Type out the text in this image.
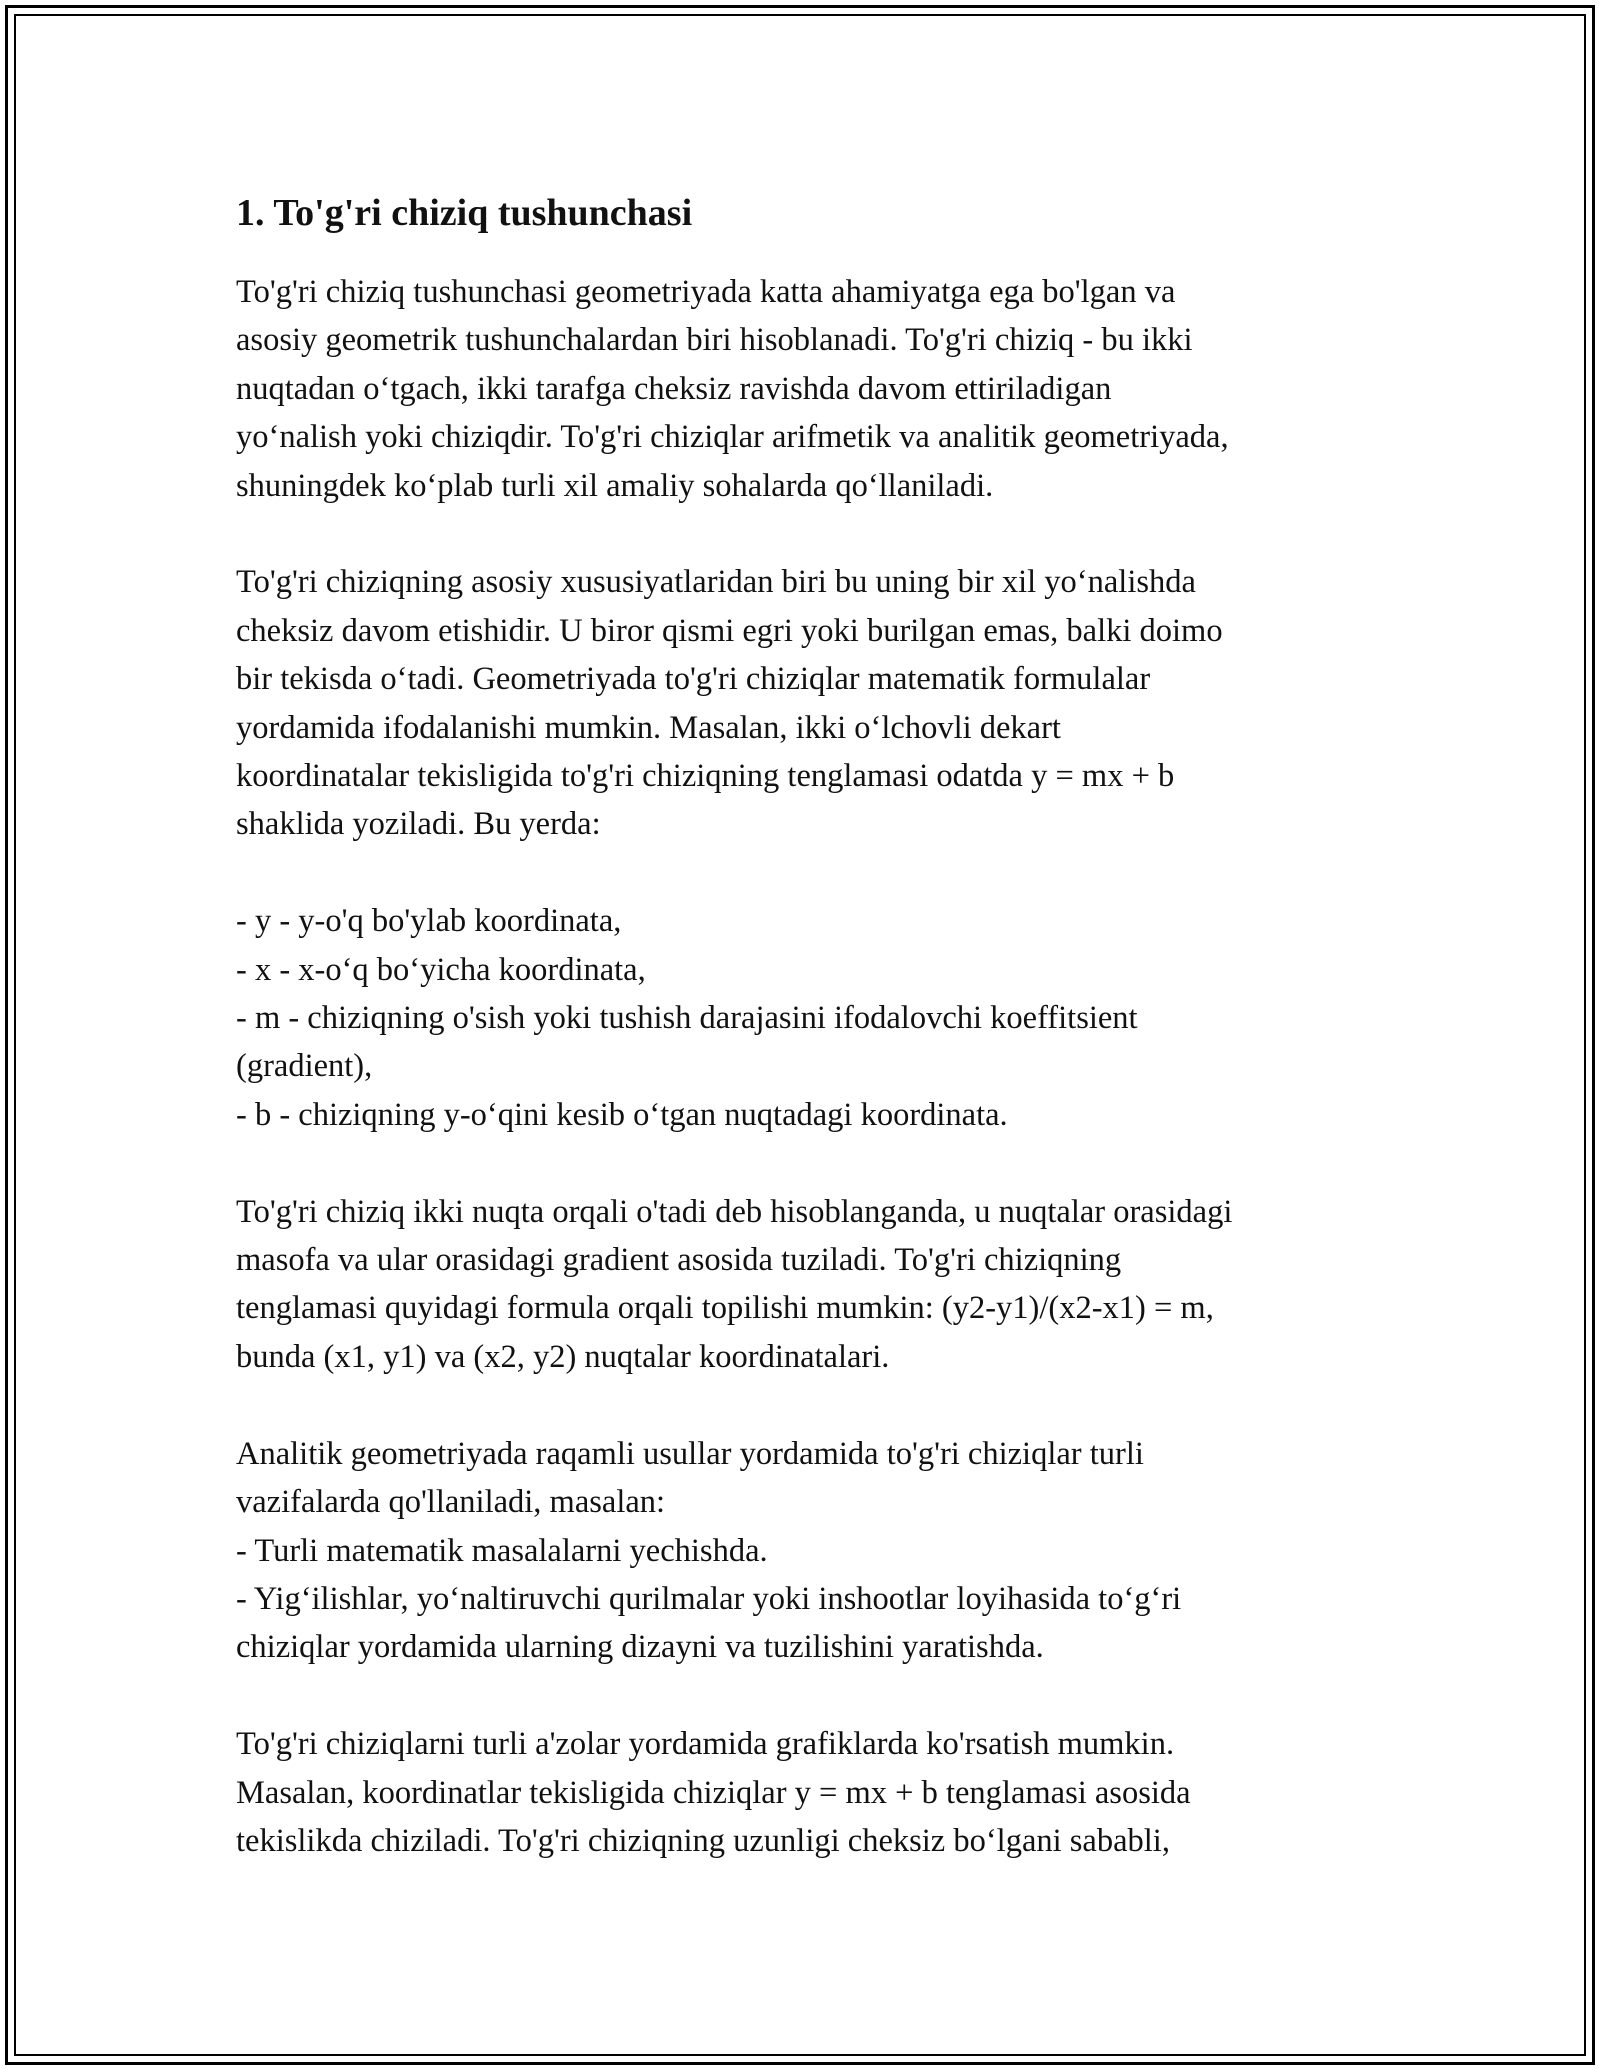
1. To'g'ri chiziq tushunchasi

To'g'ri chiziq tushunchasi geometriyada katta ahamiyatga ega bo'lgan va

asosiy geometrik tushunchalardan biri hisoblanadi. To'g'ri chiziq - bu ikki

nuqtadan o‘tgach, ikki tarafga cheksiz ravishda davom ettiriladigan

yo‘nalish yoki chiziqdir. To'g'ri chiziqlar arifmetik va analitik geometriyada,

shuningdek ko‘plab turli xil amaliy sohalarda qo‘llaniladi.

To'g'ri chiziqning asosiy xususiyatlaridan biri bu uning bir xil yo‘nalishda

cheksiz davom etishidir. U biror qismi egri yoki burilgan emas, balki doimo

bir tekisda o‘tadi. Geometriyada to'g'ri chiziqlar matematik formulalar

yordamida ifodalanishi mumkin. Masalan, ikki o‘lchovli dekart

koordinatalar tekisligida to'g'ri chiziqning tenglamasi odatda y = mx + b

shaklida yoziladi. Bu yerda:

- y - y-o'q bo'ylab koordinata,

- x - x-o‘q bo‘yicha koordinata,

- m - chiziqning o'sish yoki tushish darajasini ifodalovchi koeffitsient

(gradient),

- b - chiziqning y-o‘qini kesib o‘tgan nuqtadagi koordinata.

To'g'ri chiziq ikki nuqta orqali o'tadi deb hisoblanganda, u nuqtalar orasidagi

masofa va ular orasidagi gradient asosida tuziladi. To'g'ri chiziqning

tenglamasi quyidagi formula orqali topilishi mumkin: (y2-y1)/(x2-x1) = m,

bunda (x1, y1) va (x2, y2) nuqtalar koordinatalari.

Analitik geometriyada raqamli usullar yordamida to'g'ri chiziqlar turli

vazifalarda qo'llaniladi, masalan:

- Turli matematik masalalarni yechishda.

- Yig‘ilishlar, yo‘naltiruvchi qurilmalar yoki inshootlar loyihasida to‘g‘ri

chiziqlar yordamida ularning dizayni va tuzilishini yaratishda.

To'g'ri chiziqlarni turli a'zolar yordamida grafiklarda ko'rsatish mumkin.

Masalan, koordinatlar tekisligida chiziqlar y = mx + b tenglamasi asosida

tekislikda chiziladi. To'g'ri chiziqning uzunligi cheksiz bo‘lgani sababli,
